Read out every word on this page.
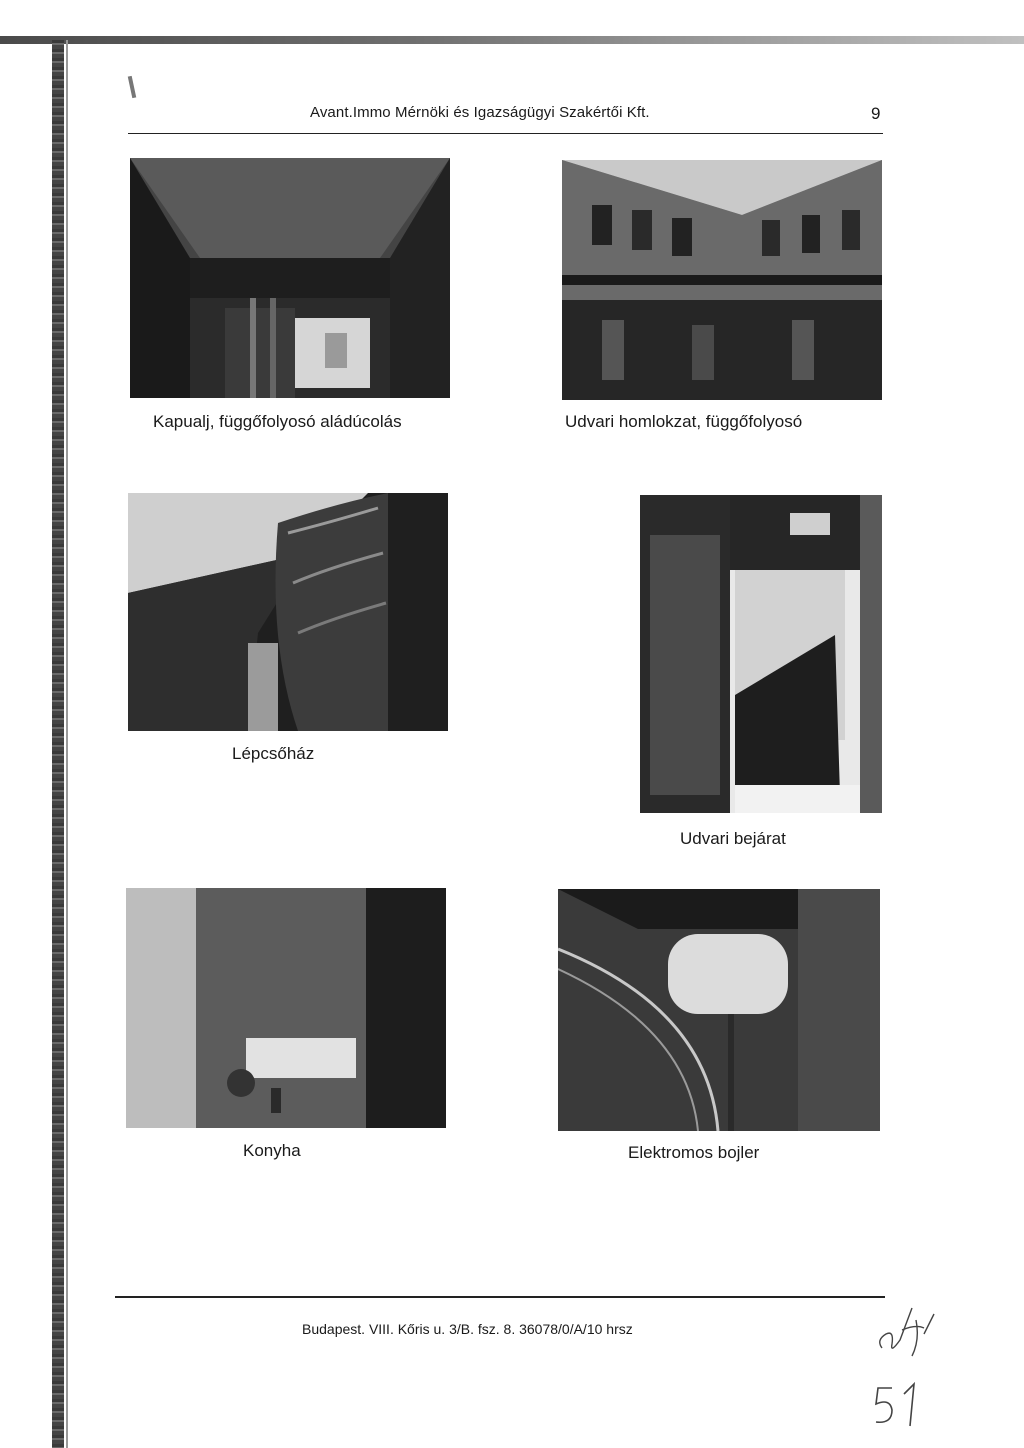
Avant.Immo Mérnöki és Igazságügyi Szakértői Kft.	9
Kapualj, függőfolyosó aládúcolás	Udvari homlokzat, függőfolyosó
Lépcsőház
Udvari bejárat
Konyha	Elektromos bojler
Budapest. VIII. Kőris u. 3/B. fsz. 8. 36078/0/A/10 hrsz
